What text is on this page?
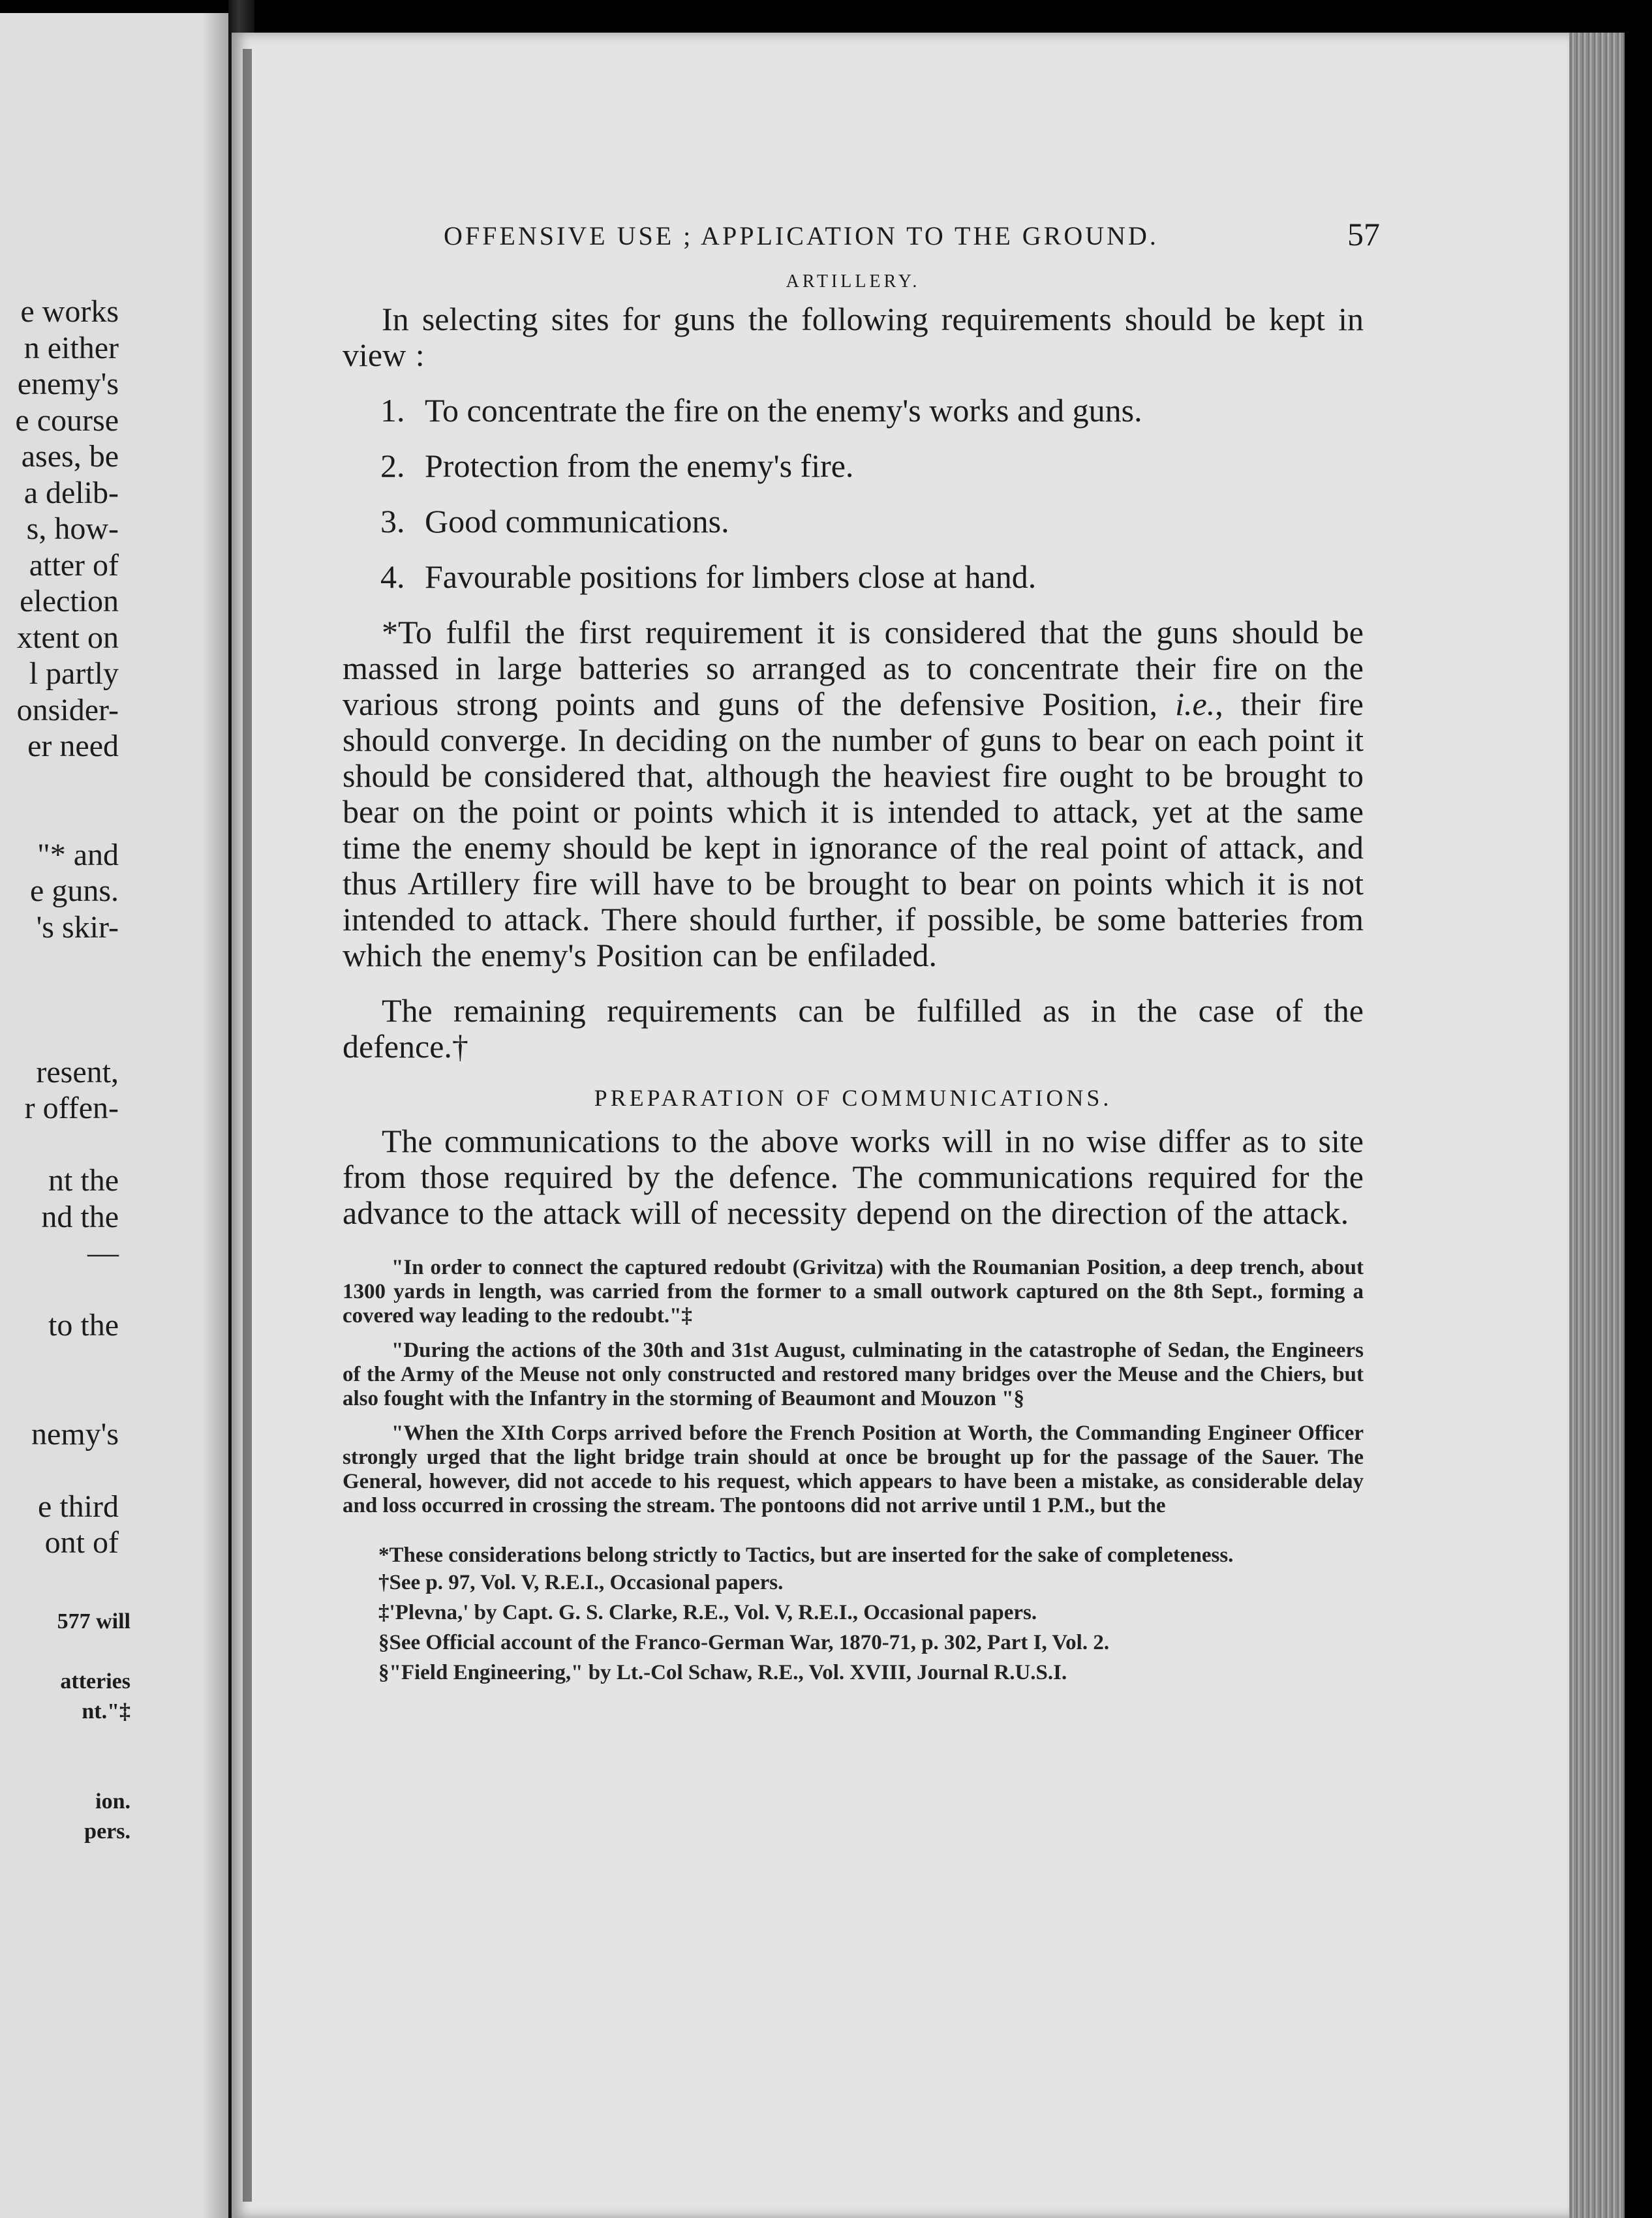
e works
n either
enemy's
e course
ases, be
a delib-
s, how-
atter of
election
xtent on
l partly
onsider-
er need
"* and
e guns.
's skir-
resent,
r offen-
nt the
nd the
—
to the
nemy's
e third
ont of
577 will
atteries
nt."‡
ion.
pers.
OFFENSIVE USE ; APPLICATION TO THE GROUND.	57
ARTILLERY.

In selecting sites for guns the following requirements should be kept in view :

1. To concentrate the fire on the enemy's works and guns.
2. Protection from the enemy's fire.
3. Good communications.
4. Favourable positions for limbers close at hand.

*To fulfil the first requirement it is considered that the guns should be massed in large batteries so arranged as to concentrate their fire on the various strong points and guns of the defensive Position, i.e., their fire should converge. In deciding on the number of guns to bear on each point it should be considered that, although the heaviest fire ought to be brought to bear on the point or points which it is intended to attack, yet at the same time the enemy should be kept in ignorance of the real point of attack, and thus Artillery fire will have to be brought to bear on points which it is not intended to attack. There should further, if possible, be some batteries from which the enemy's Position can be enfiladed.

The remaining requirements can be fulfilled as in the case of the defence.†

PREPARATION OF COMMUNICATIONS.

The communications to the above works will in no wise differ as to site from those required by the defence. The communications required for the advance to the attack will of necessity depend on the direction of the attack.

"In order to connect the captured redoubt (Grivitza) with the Roumanian Position, a deep trench, about 1300 yards in length, was carried from the former to a small outwork captured on the 8th Sept., forming a covered way leading to the redoubt."‡

"During the actions of the 30th and 31st August, culminating in the catastrophe of Sedan, the Engineers of the Army of the Meuse not only constructed and restored many bridges over the Meuse and the Chiers, but also fought with the Infantry in the storming of Beaumont and Mouzon "§

"When the XIth Corps arrived before the French Position at Worth, the Commanding Engineer Officer strongly urged that the light bridge train should at once be brought up for the passage of the Sauer. The General, however, did not accede to his request, which appears to have been a mistake, as considerable delay and loss occurred in crossing the stream. The pontoons did not arrive until 1 P.M., but the

*These considerations belong strictly to Tactics, but are inserted for the sake of completeness.

†See p. 97, Vol. V, R.E.I., Occasional papers.

‡'Plevna,' by Capt. G. S. Clarke, R.E., Vol. V, R.E.I., Occasional papers.

§See Official account of the Franco-German War, 1870-71, p. 302, Part I, Vol. 2.

§"Field Engineering," by Lt.-Col Schaw, R.E., Vol. XVIII, Journal R.U.S.I.
